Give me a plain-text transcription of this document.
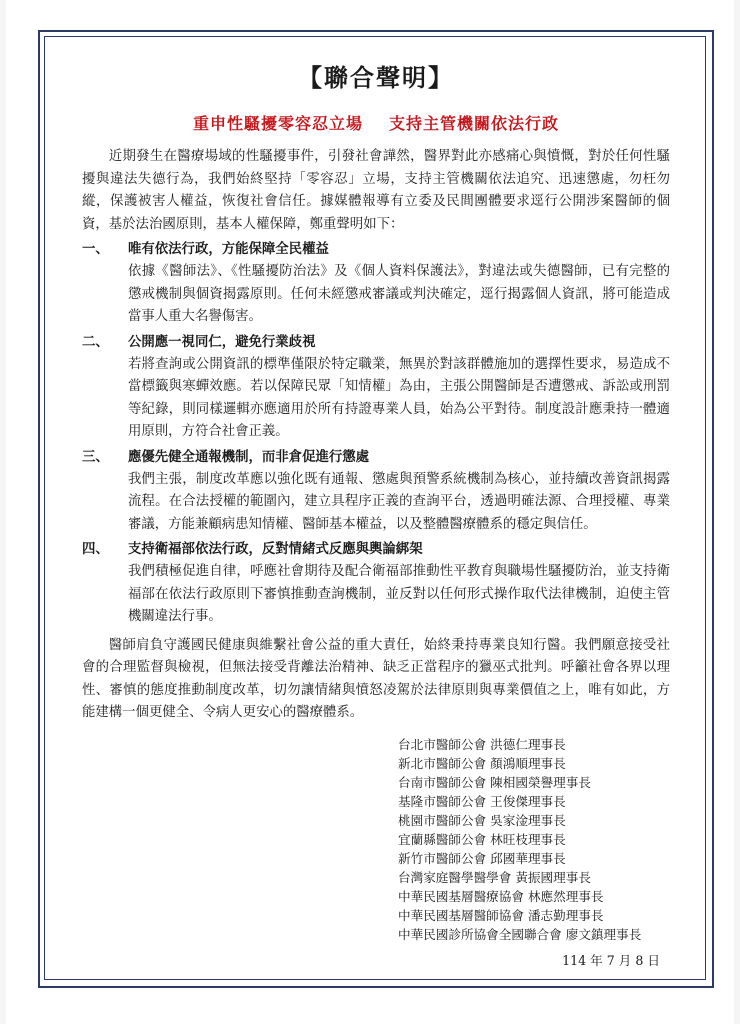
【聯合聲明】
重申性騷擾零容忍立場 支持主管機關依法行政

近期發生在醫療場域的性騷擾事件，引發社會譁然，醫界對此亦感痛心與憤慨，對於任何性騷擾與違法失德行為，我們始終堅持「零容忍」立場，支持主管機關依法追究、迅速懲處，勿枉勿縱，保護被害人權益，恢復社會信任。據媒體報導有立委及民間團體要求逕行公開涉案醫師的個資，基於法治國原則，基本人權保障，鄭重聲明如下：

一、	唯有依法行政，方能保障全民權益

依據《醫師法》、《性騷擾防治法》及《個人資料保護法》，對違法或失德醫師，已有完整的懲戒機制與個資揭露原則。任何未經懲戒審議或判決確定，逕行揭露個人資訊，將可能造成當事人重大名譽傷害。

二、	公開應一視同仁，避免行業歧視

若將查詢或公開資訊的標準僅限於特定職業，無異於對該群體施加的選擇性要求，易造成不當標籤與寒蟬效應。若以保障民眾「知情權」為由，主張公開醫師是否遭懲戒、訴訟或刑罰等紀錄，則同樣邏輯亦應適用於所有持證專業人員，始為公平對待。制度設計應秉持一體適用原則，方符合社會正義。

三、	應優先健全通報機制，而非倉促進行懲處

我們主張，制度改革應以強化既有通報、懲處與預警系統機制為核心，並持續改善資訊揭露流程。在合法授權的範圍內，建立具程序正義的查詢平台，透過明確法源、合理授權、專業審議，方能兼顧病患知情權、醫師基本權益，以及整體醫療體系的穩定與信任。

四、	支持衛福部依法行政，反對情緒式反應與輿論綁架

我們積極促進自律，呼應社會期待及配合衛福部推動性平教育與職場性騷擾防治，並支持衛福部在依法行政原則下審慎推動查詢機制，並反對以任何形式操作取代法律機制，迫使主管機關違法行事。

醫師肩負守護國民健康與維繫社會公益的重大責任，始終秉持專業良知行醫。我們願意接受社會的合理監督與檢視，但無法接受背離法治精神、缺乏正當程序的獵巫式批判。呼籲社會各界以理性、審慎的態度推動制度改革，切勿讓情緒與憤怒凌駕於法律原則與專業價值之上，唯有如此，方能建構一個更健全、令病人更安心的醫療體系。

台北市醫師公會 洪德仁理事長
新北市醫師公會 顏鴻順理事長
台南市醫師公會 陳相國榮譽理事長
基隆市醫師公會 王俊傑理事長
桃園市醫師公會 吳家淦理事長
宜蘭縣醫師公會 林旺枝理事長
新竹市醫師公會 邱國華理事長
台灣家庭醫學醫學會 黃振國理事長
中華民國基層醫療協會 林應然理事長
中華民國基層醫師協會 潘志勤理事長
中華民國診所協會全國聯合會 廖文鎮理事長
114 年 7 月 8 日
